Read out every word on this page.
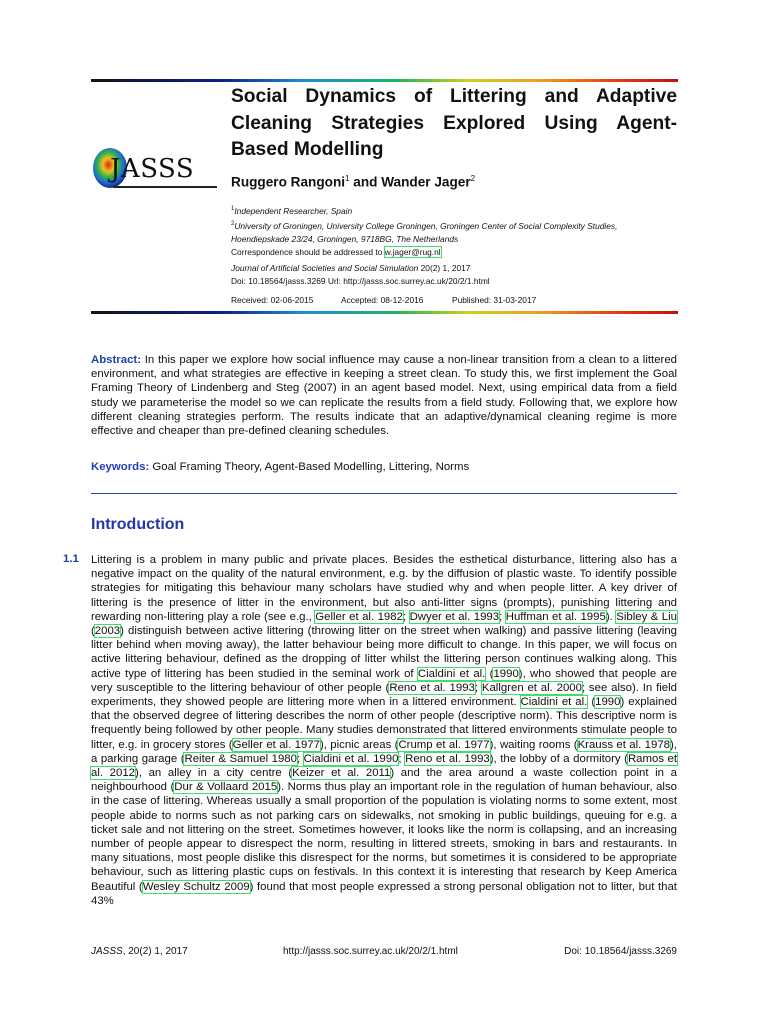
JASSS
Social Dynamics of Littering and Adaptive Cleaning Strategies Explored Using Agent-Based Modelling

Ruggero Rangoni$^1$ and Wander Jager$^2$

$^1$Independent Researcher, Spain
$^2$University of Groningen, University College Groningen, Groningen Center of Social Complexity Studies,
Hoendiepskade 23/24, Groningen, 9718BG, The Netherlands
Correspondence should be addressed to w.jager@rug.nl

Journal of Artificial Societies and Social Simulation 20(2) 1, 2017
Doi: 10.18564/jasss.3269 Url: http://jasss.soc.surrey.ac.uk/20/2/1.html

Received: 02-06-2015	Accepted: 08-12-2016	Published: 31-03-2017

Abstract: In this paper we explore how social influence may cause a non-linear transition from a clean to a littered environment, and what strategies are effective in keeping a street clean. To study this, we first implement the Goal Framing Theory of Lindenberg and Steg (2007) in an agent based model. Next, using empirical data from a field study we parameterise the model so we can replicate the results from a field study. Following that, we explore how different cleaning strategies perform. The results indicate that an adaptive/dynamical cleaning regime is more effective and cheaper than pre-defined cleaning schedules.

Keywords: Goal Framing Theory, Agent-Based Modelling, Littering, Norms

Introduction
1.1 Littering is a problem in many public and private places. Besides the esthetical disturbance, littering also has a negative impact on the quality of the natural environment, e.g. by the diffusion of plastic waste. To identify possible strategies for mitigating this behaviour many scholars have studied why and when people litter. A key driver of littering is the presence of litter in the environment, but also anti-litter signs (prompts), punishing littering and rewarding non-littering play a role (see e.g., Geller et al. 1982; Dwyer et al. 1993; Huffman et al. 1995). Sibley & Liu (2003) distinguish between active littering (throwing litter on the street when walking) and passive littering (leaving litter behind when moving away), the latter behaviour being more difficult to change. In this paper, we will focus on active littering behaviour, defined as the dropping of litter whilst the littering person continues walking along. This active type of littering has been studied in the seminal work of Cialdini et al. (1990), who showed that people are very susceptible to the littering behaviour of other people (Reno et al. 1993; Kallgren et al. 2000; see also). In field experiments, they showed people are littering more when in a littered environment. Cialdini et al. (1990) explained that the observed degree of littering describes the norm of other people (descriptive norm). This descriptive norm is frequently being followed by other people. Many studies demonstrated that littered environments stimulate people to litter, e.g. in grocery stores (Geller et al. 1977), picnic areas (Crump et al. 1977), waiting rooms (Krauss et al. 1978), a parking garage (Reiter & Samuel 1980; Cialdini et al. 1990; Reno et al. 1993), the lobby of a dormitory (Ramos et al. 2012), an alley in a city centre (Keizer et al. 2011) and the area around a waste collection point in a neighbourhood (Dur & Vollaard 2015). Norms thus play an important role in the regulation of human behaviour, also in the case of littering. Whereas usually a small proportion of the population is violating norms to some extent, most people abide to norms such as not parking cars on sidewalks, not smoking in public buildings, queuing for e.g. a ticket sale and not littering on the street. Sometimes however, it looks like the norm is collapsing, and an increasing number of people appear to disrespect the norm, resulting in littered streets, smoking in bars and restaurants. In many situations, most people dislike this disrespect for the norms, but sometimes it is considered to be appropriate behaviour, such as littering plastic cups on festivals. In this context it is interesting that research by Keep America Beautiful (Wesley Schultz 2009) found that most people expressed a strong personal obligation not to litter, but that 43%

JASSS, 20(2) 1, 2017	http://jasss.soc.surrey.ac.uk/20/2/1.html	Doi: 10.18564/jasss.3269
